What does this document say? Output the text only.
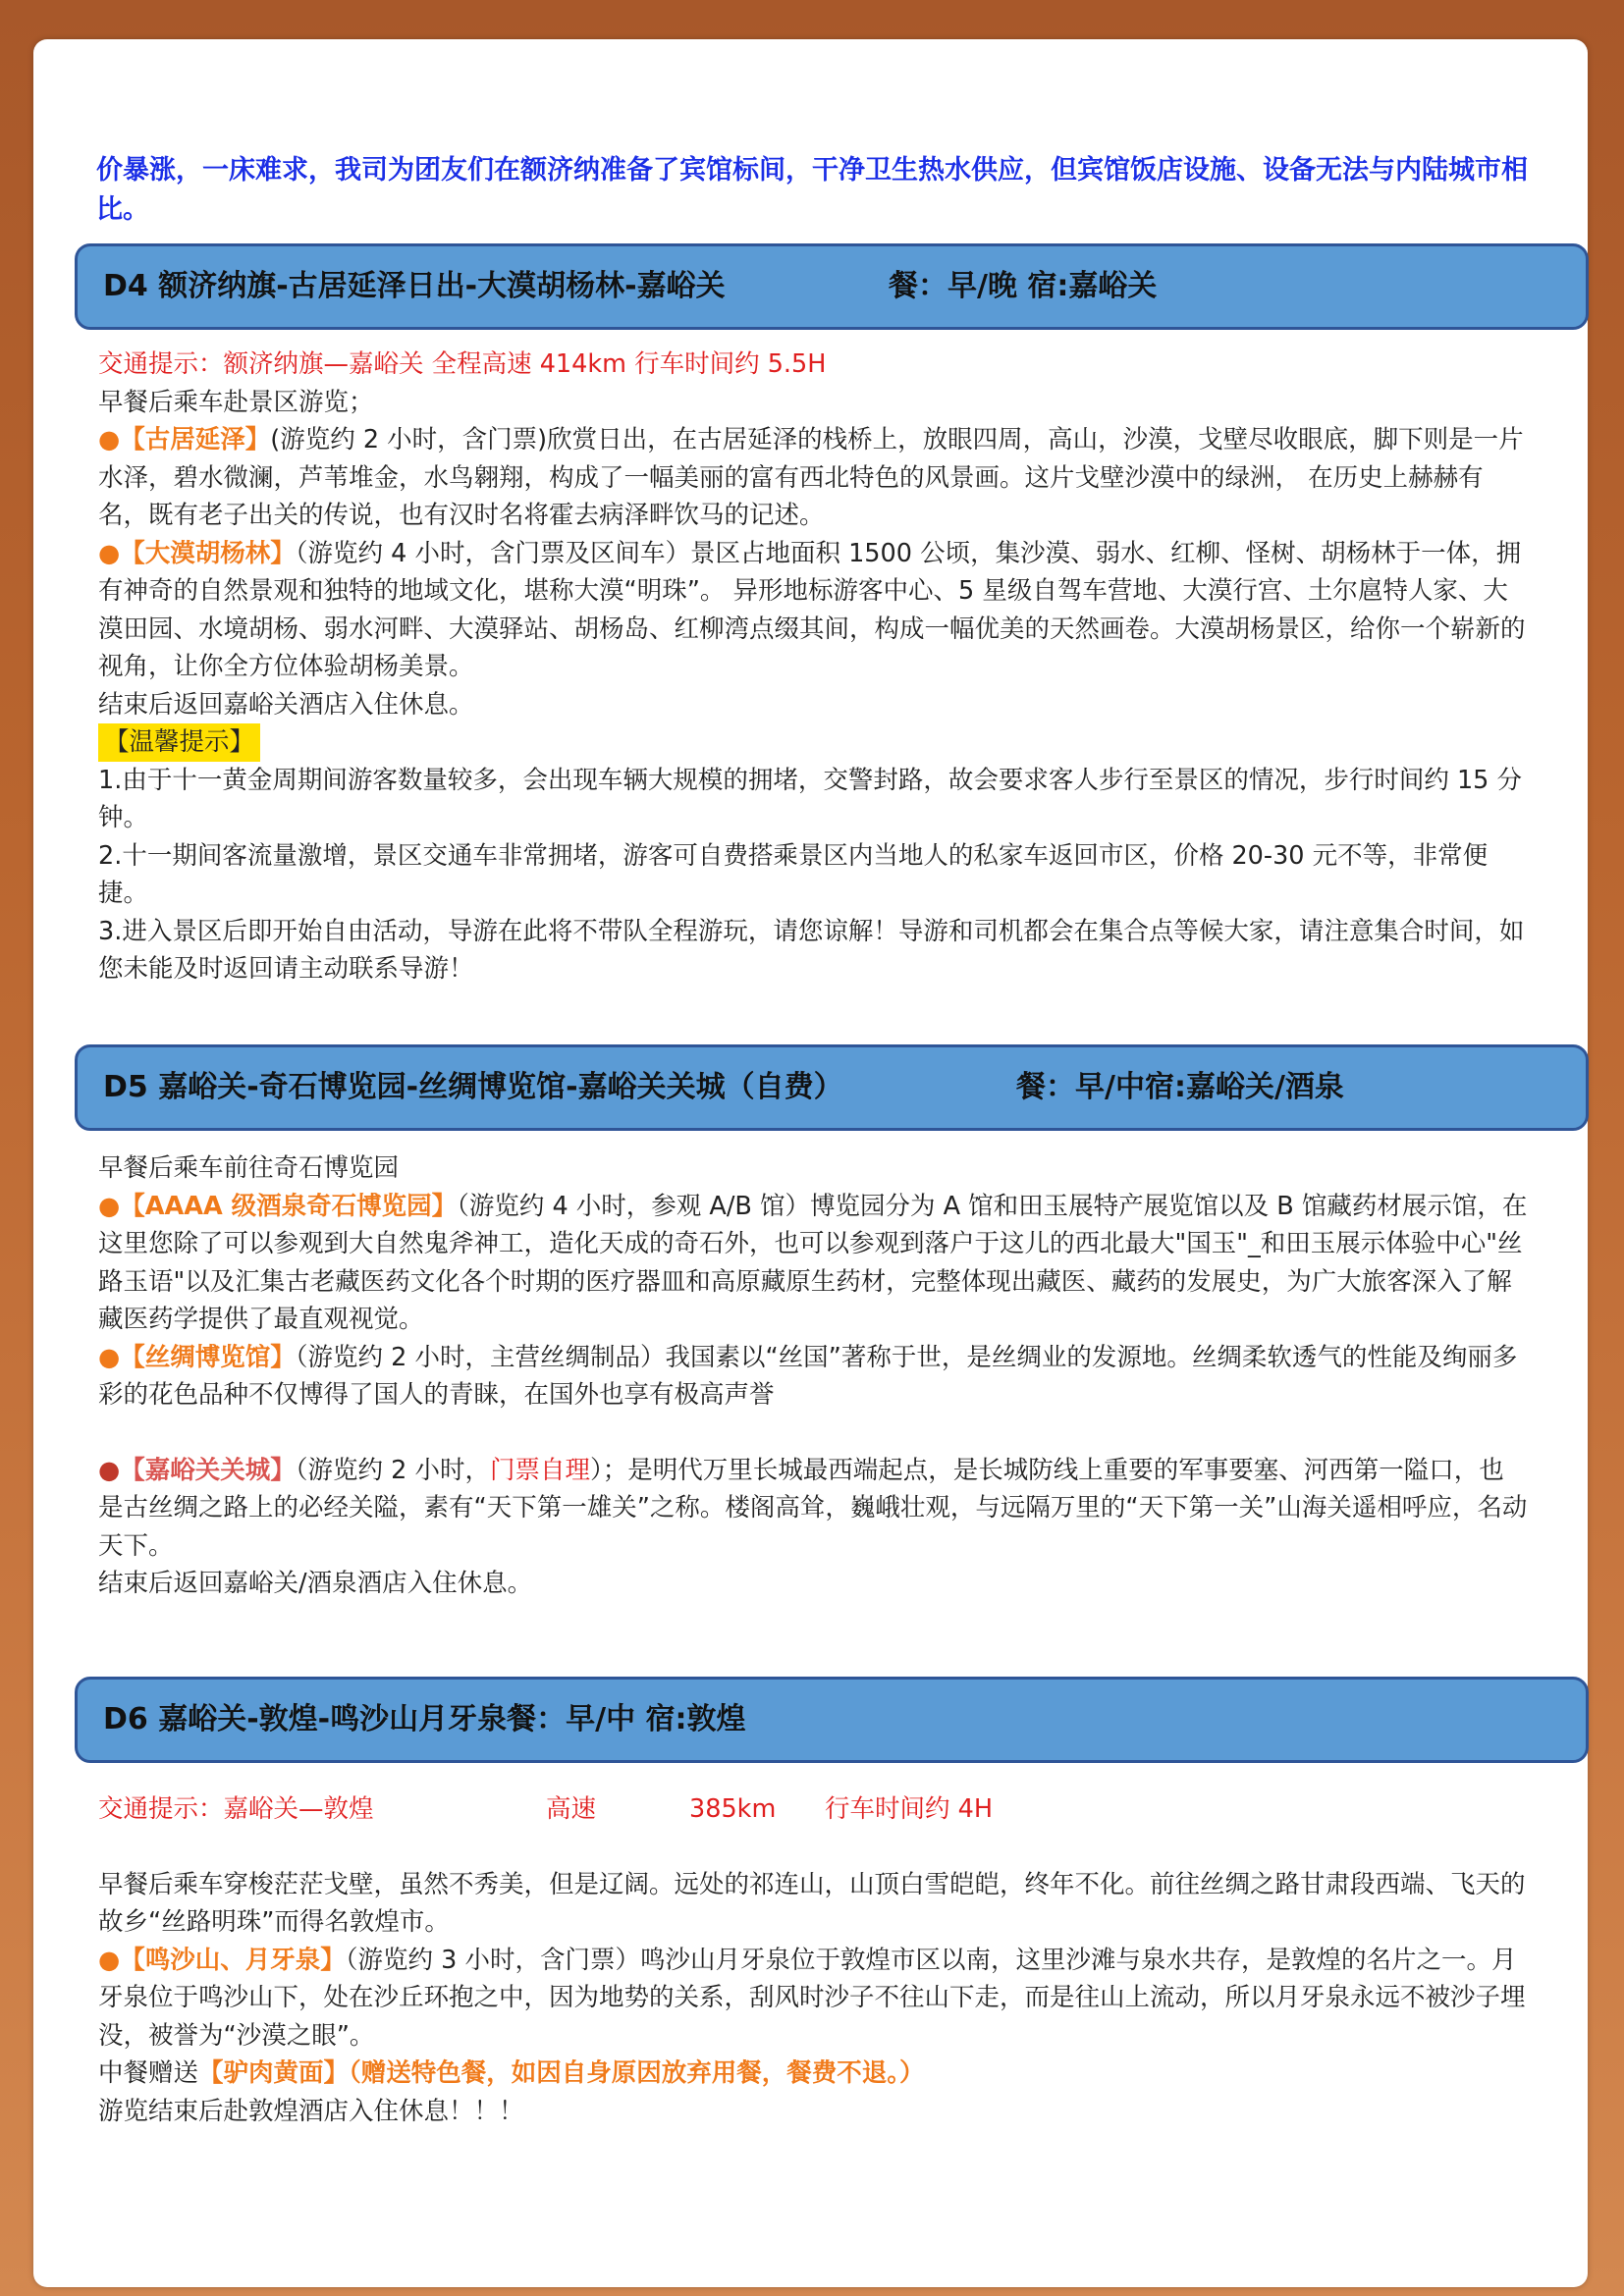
价暴涨，一床难求，我司为团友们在额济纳准备了宾馆标间，干净卫生热水供应，但宾馆饭店设施、设备无法与内陆城市相比。
D4 额济纳旗-古居延泽日出-大漠胡杨林-嘉峪关	餐：早/晚 宿:嘉峪关

交通提示：额济纳旗—嘉峪关 全程高速 414km 行车时间约 5.5H

早餐后乘车赴景区游览；

●【古居延泽】(游览约 2 小时，含门票)欣赏日出，在古居延泽的栈桥上，放眼四周，高山，沙漠，戈壁尽收眼底，脚下则是一片水泽，碧水微澜，芦苇堆金，水鸟翱翔，构成了一幅美丽的富有西北特色的风景画。这片戈壁沙漠中的绿洲， 在历史上赫赫有名，既有老子出关的传说，也有汉时名将霍去病泽畔饮马的记述。

●【大漠胡杨林】（游览约 4 小时，含门票及区间车）景区占地面积 1500 公顷，集沙漠、弱水、红柳、怪树、胡杨林于一体，拥有神奇的自然景观和独特的地域文化，堪称大漠“明珠”。 异形地标游客中心、5 星级自驾车营地、大漠行宫、土尔扈特人家、大漠田园、水境胡杨、弱水河畔、大漠驿站、胡杨岛、红柳湾点缀其间，构成一幅优美的天然画卷。大漠胡杨景区，给你一个崭新的视角，让你全方位体验胡杨美景。

结束后返回嘉峪关酒店入住休息。

【温馨提示】

1.由于十一黄金周期间游客数量较多，会出现车辆大规模的拥堵，交警封路，故会要求客人步行至景区的情况，步行时间约 15 分钟。

2.十一期间客流量激增，景区交通车非常拥堵，游客可自费搭乘景区内当地人的私家车返回市区，价格 20-30 元不等，非常便捷。

3.进入景区后即开始自由活动，导游在此将不带队全程游玩，请您谅解！导游和司机都会在集合点等候大家，请注意集合时间，如您未能及时返回请主动联系导游！

D5 嘉峪关-奇石博览园-丝绸博览馆-嘉峪关关城（自费）	餐：早/中宿:嘉峪关/酒泉

早餐后乘车前往奇石博览园

●【AAAA 级酒泉奇石博览园】（游览约 4 小时，参观 A/B 馆）博览园分为 A 馆和田玉展特产展览馆以及 B 馆藏药材展示馆，在这里您除了可以参观到大自然鬼斧神工，造化天成的奇石外，也可以参观到落户于这儿的西北最大"国玉"_和田玉展示体验中心"丝路玉语"以及汇集古老藏医药文化各个时期的医疗器皿和高原藏原生药材，完整体现出藏医、藏药的发展史，为广大旅客深入了解藏医药学提供了最直观视觉。

●【丝绸博览馆】（游览约 2 小时，主营丝绸制品）我国素以“丝国”著称于世，是丝绸业的发源地。丝绸柔软透气的性能及绚丽多彩的花色品种不仅博得了国人的青睐，在国外也享有极高声誉

●【嘉峪关关城】（游览约 2 小时，门票自理）；是明代万里长城最西端起点，是长城防线上重要的军事要塞、河西第一隘口，也是古丝绸之路上的必经关隘，素有“天下第一雄关”之称。楼阁高耸，巍峨壮观，与远隔万里的“天下第一关”山海关遥相呼应，名动天下。

结束后返回嘉峪关/酒泉酒店入住休息。

D6 嘉峪关-敦煌-鸣沙山月牙泉餐：早/中 宿:敦煌

交通提示：嘉峪关—敦煌	高速	385km 行车时间约 4H

早餐后乘车穿梭茫茫戈壁，虽然不秀美，但是辽阔。远处的祁连山，山顶白雪皑皑，终年不化。前往丝绸之路甘肃段西端、飞天的故乡“丝路明珠”而得名敦煌市。

●【鸣沙山、月牙泉】（游览约 3 小时，含门票）鸣沙山月牙泉位于敦煌市区以南，这里沙滩与泉水共存，是敦煌的名片之一。月牙泉位于鸣沙山下，处在沙丘环抱之中，因为地势的关系，刮风时沙子不往山下走，而是往山上流动，所以月牙泉永远不被沙子埋没，被誉为“沙漠之眼”。

中餐赠送【驴肉黄面】（赠送特色餐，如因自身原因放弃用餐，餐费不退。）

游览结束后赴敦煌酒店入住休息！！！
